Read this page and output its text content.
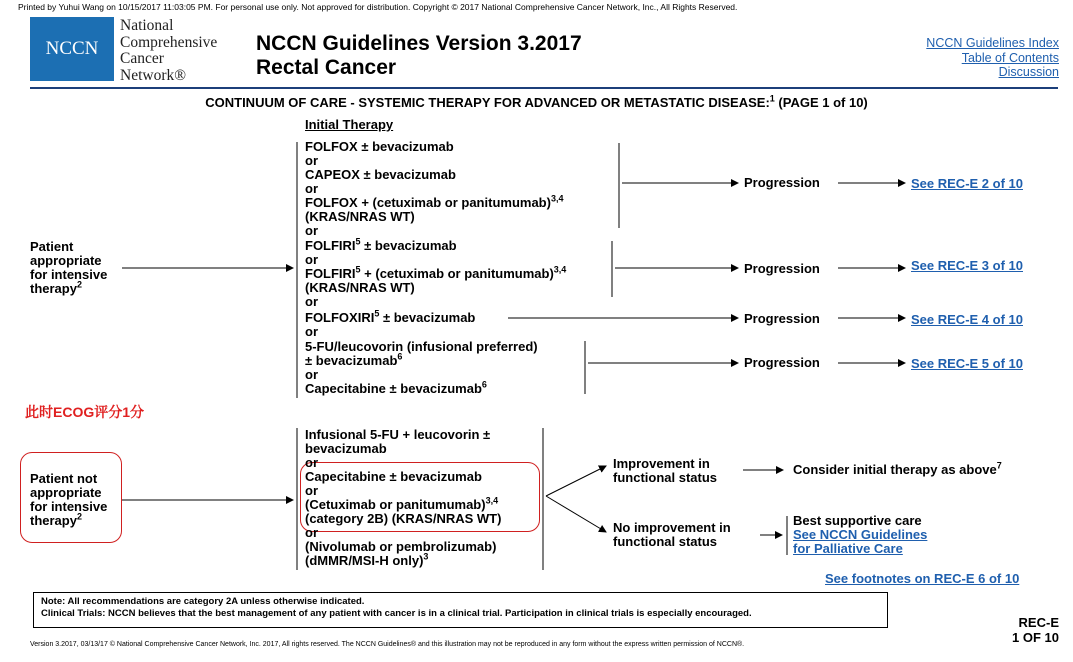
Printed by Yuhui Wang on 10/15/2017 11:03:05 PM. For personal use only. Not approved for distribution. Copyright © 2017 National Comprehensive Cancer Network, Inc., All Rights Reserved.
NCCN
National
Comprehensive
Cancer
Network®
NCCN Guidelines Version 3.2017
Rectal Cancer
NCCN Guidelines Index
Table of Contents
Discussion
CONTINUUM OF CARE - SYSTEMIC THERAPY FOR ADVANCED OR METASTATIC DISEASE:$^1$ (PAGE 1 of 10)
Initial Therapy
Patient
appropriate
for intensive
therapy$^2$
FOLFOX ± bevacizumab
or
CAPEOX ± bevacizumab
or
FOLFOX + (cetuximab or panitumumab)$^{3,4}$
(KRAS/NRAS WT)
or
$FOLFIRI^5$ ± bevacizumab
or
$FOLFIRI^5$ + (cetuximab or panitumumab)$^{3,4}$
(KRAS/NRAS WT)
or
$FOLFOXIRI^5$ ± bevacizumab
or
5-FU/leucovorin (infusional preferred)
± bevacizumab$^6$
or
Capecitabine ± bevacizumab$^6$
Progression
Progression
Progression
Progression
See REC-E 2 of 10
See REC-E 3 of 10
See REC-E 4 of 10
See REC-E 5 of 10
此时ECOG评分1分
Patient not
appropriate
for intensive
therapy$^2$
Infusional 5-FU + leucovorin ±
bevacizumab
or
Capecitabine ± bevacizumab
or
(Cetuximab or panitumumab)$^{3,4}$
(category 2B) (KRAS/NRAS WT)
or
(Nivolumab or pembrolizumab)
(dMMR/MSI-H only)$^3$
Improvement in
functional status
Consider initial therapy as above$^7$
No improvement in
functional status
Best supportive care
See NCCN Guidelines
for Palliative Care
See footnotes on REC-E 6 of 10
Note: All recommendations are category 2A unless otherwise indicated.
Clinical Trials: NCCN believes that the best management of any patient with cancer is in a clinical trial. Participation in clinical trials is especially encouraged.
REC-E
1 OF 10
Version 3.2017, 03/13/17 © National Comprehensive Cancer Network, Inc. 2017, All rights reserved. The NCCN Guidelines® and this illustration may not be reproduced in any form without the express written permission of NCCN®.
